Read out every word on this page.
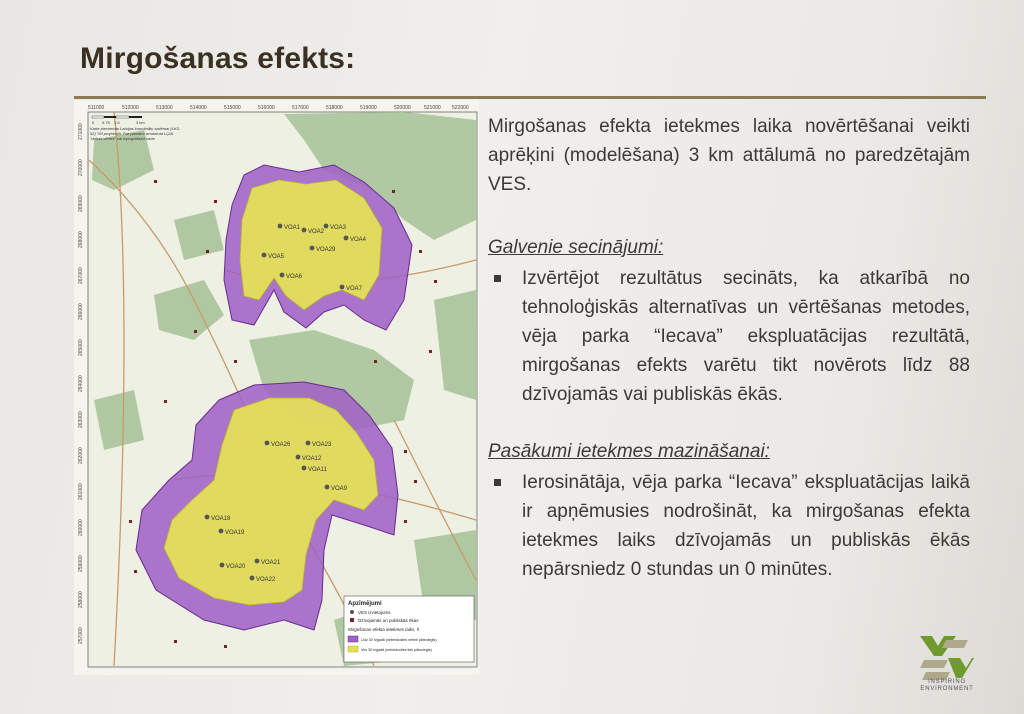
Mirgošanas efekts:
511000	512000	513000	514000	515000	516000	517000	518000	519000	520000	521000 522000
271000
270000
269000
268000
267000
266000
265000
264000
263000
262000
261000
260000
259000
258000
257000
0 0.75 1.5	3 km
Karte pievienota Latvijas koordinātu sistēmai (LKS-92) TM projekcijā. Par pamatni izmantota LĢIA "dabas vērtes" vai topogrāfiskā karte
VOA1
VOA2
VOA3
VOA4
VOA5
VOA6
VOA7
VOA29
VOA26	VOA23
VOA20
VOA22
VOA12
VOA18
VOA19
VOA21
VOA9
VOA11
Apzīmējumi
VES izvietojums
Dzīvojamās un publiskās ēkas
Mirgošanas efekta ietekmes laiks, h
Līdz 30 h/gadā (nebeidzoties netiek pārsniegts)
Virs 30 h/gadā (nebeidzoties tiek pārsniegts)

Mirgošanas efekta ietekmes laika novērtēšanai veikti aprēķini (modelēšana) 3 km attālumā no paredzētajām VES.

Galvenie secinājumi:

Izvērtējot rezultātus secināts, ka atkarībā no tehnoloģiskās alternatīvas un vērtēšanas metodes, vēja parka “Iecava” ekspluatācijas rezultātā, mirgošanas efekts varētu tikt novērots līdz 88 dzīvojamās vai publiskās ēkās.

Pasākumi ietekmes mazināšanai:

Ierosinātāja, vēja parka “Iecava” ekspluatācijas laikā ir apņēmusies nodrošināt, ka mirgošanas efekta ietekmes laiks dzīvojamās un publiskās ēkās nepārsniedz 0 stundas un 0 minūtes.

INSPIRING ENVIRONMENT
